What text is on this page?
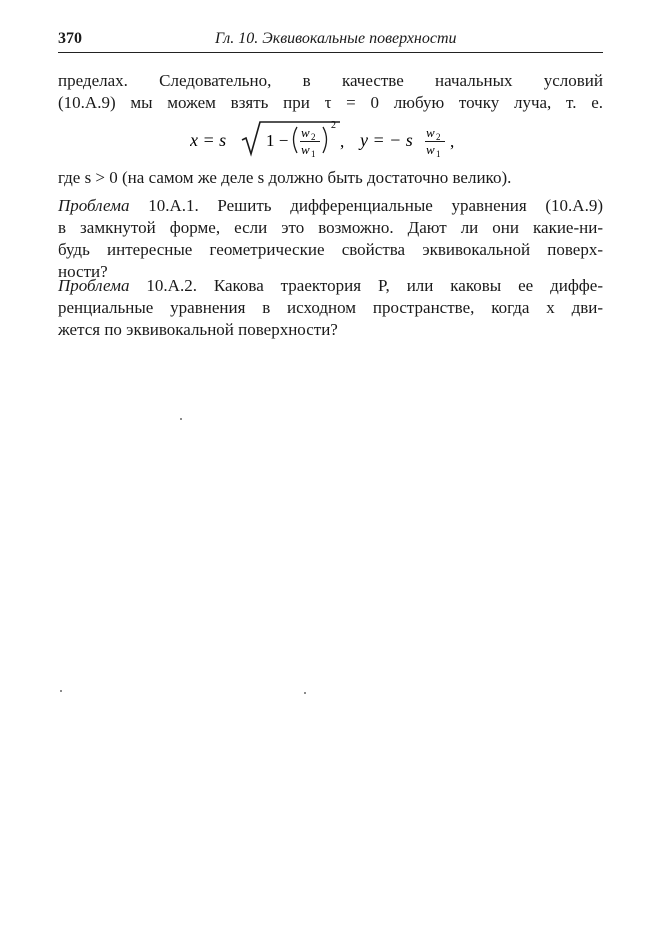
370	Гл. 10. Эквивокальные поверхности
пределах. Следовательно, в качестве начальных условий
(10.A.9) мы можем взять при τ = 0 любую точку луча, т. е.
x = s 1 − w 2
w 1
2
, y = − s w 2
w 1
,
где s > 0 (на самом же деле s должно быть достаточно велико).
Проблема 10.A.1. Решить дифференциальные уравнения (10.A.9)
в замкнутой форме, если это возможно. Дают ли они какие-ни-
будь интересные геометрические свойства эквивокальной поверх-
ности?
Проблема 10.A.2. Какова траектория P, или каковы ее диффе-
ренциальные уравнения в исходном пространстве, когда x дви-
жется по эквивокальной поверхности?
